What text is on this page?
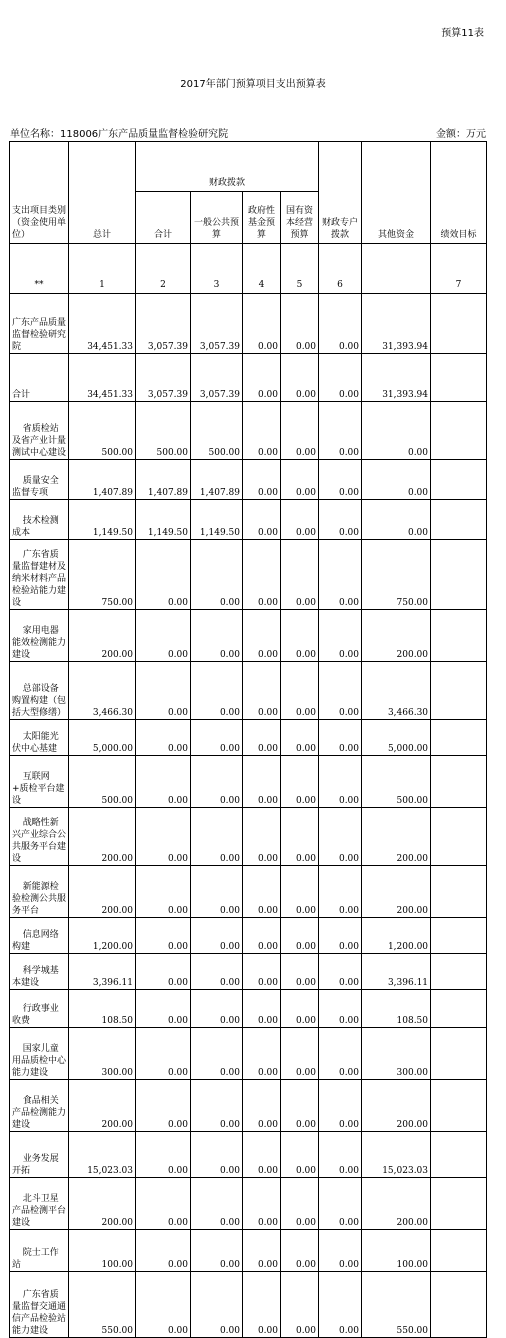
预算11表
2017年部门预算项目支出预算表
单位名称：118006广东产品质量监督检验研究院	金额：万元
支出项目类别（资金使用单位）	总计	财政拨款				财政专户拨款	其他资金	绩效目标
		合计	一般公共预算	政府性基金预算	国有资本经营预算			
**	1	2	3	4	5	6		7
广东产品质量监督检验研究院	34,451.33	3,057.39	3,057.39	0.00	0.00	0.00	31,393.94	
合计	34,451.33	3,057.39	3,057.39	0.00	0.00	0.00	31,393.94	
省质检站及省产业计量测试中心建设	500.00	500.00	500.00	0.00	0.00	0.00	0.00	
质量安全监督专项	1,407.89	1,407.89	1,407.89	0.00	0.00	0.00	0.00	
技术检测成本	1,149.50	1,149.50	1,149.50	0.00	0.00	0.00	0.00	
广东省质量监督建材及纳米材料产品检验站能力建设	750.00	0.00	0.00	0.00	0.00	0.00	750.00	
家用电器能效检测能力建设	200.00	0.00	0.00	0.00	0.00	0.00	200.00	
总部设备购置构建（包括大型修缮）	3,466.30	0.00	0.00	0.00	0.00	0.00	3,466.30	
太阳能光伏中心基建	5,000.00	0.00	0.00	0.00	0.00	0.00	5,000.00	
互联网+质检平台建设	500.00	0.00	0.00	0.00	0.00	0.00	500.00	
战略性新兴产业综合公共服务平台建设	200.00	0.00	0.00	0.00	0.00	0.00	200.00	
新能源检验检测公共服务平台	200.00	0.00	0.00	0.00	0.00	0.00	200.00	
信息网络构建	1,200.00	0.00	0.00	0.00	0.00	0.00	1,200.00	
科学城基本建设	3,396.11	0.00	0.00	0.00	0.00	0.00	3,396.11	
行政事业收费	108.50	0.00	0.00	0.00	0.00	0.00	108.50	
国家儿童用品质检中心能力建设	300.00	0.00	0.00	0.00	0.00	0.00	300.00	
食品相关产品检测能力建设	200.00	0.00	0.00	0.00	0.00	0.00	200.00	
业务发展开拓	15,023.03	0.00	0.00	0.00	0.00	0.00	15,023.03	
北斗卫星产品检测平台建设	200.00	0.00	0.00	0.00	0.00	0.00	200.00	
院士工作站	100.00	0.00	0.00	0.00	0.00	0.00	100.00	
广东省质量监督交通通信产品检验站能力建设	550.00	0.00	0.00	0.00	0.00	0.00	550.00	
